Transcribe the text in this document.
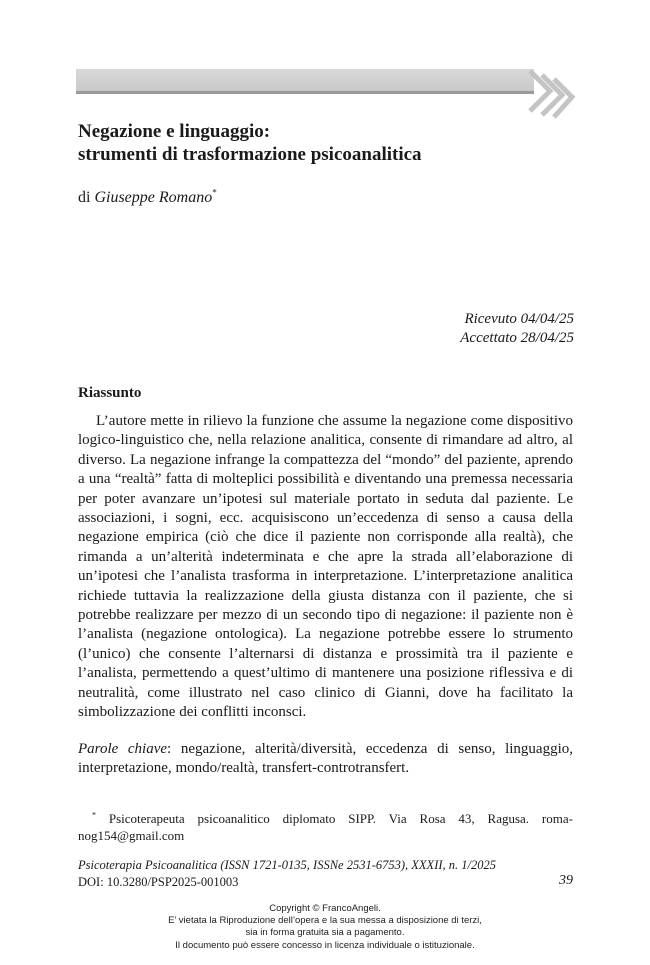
Negazione e linguaggio:
strumenti di trasformazione psicoanalitica
di Giuseppe Romano*
Ricevuto 04/04/25
Accettato 28/04/25
Riassunto
L’autore mette in rilievo la funzione che assume la negazione come dispositivo logico-linguistico che, nella relazione analitica, consente di rimandare ad altro, al diverso. La negazione infrange la compattezza del “mondo” del paziente, aprendo a una “realtà” fatta di molteplici possibilità e diventando una premessa necessaria per poter avanzare un’ipotesi sul materiale portato in seduta dal paziente. Le associazioni, i sogni, ecc. acquisiscono un’eccedenza di senso a causa della negazione empirica (ciò che dice il paziente non corrisponde alla realtà), che rimanda a un’alterità indeterminata e che apre la strada all’elaborazione di un’ipotesi che l’analista trasforma in interpretazione. L’interpretazione analitica richiede tuttavia la realizzazione della giusta distanza con il paziente, che si potrebbe realizzare per mezzo di un secondo tipo di negazione: il paziente non è l’analista (negazione ontologica). La negazione potrebbe essere lo strumento (l’unico) che consente l’alternarsi di distanza e prossimità tra il paziente e l’analista, permettendo a quest’ultimo di mantenere una posizione riflessiva e di neutralità, come illustrato nel caso clinico di Gianni, dove ha facilitato la simbolizzazione dei conflitti inconsci.
Parole chiave: negazione, alterità/diversità, eccedenza di senso, linguaggio, interpretazione, mondo/realtà, transfert-controtransfert.
* Psicoterapeuta psicoanalitico diplomato SIPP. Via Rosa 43, Ragusa. romanog154@gmail.com
Psicoterapia Psicoanalitica (ISSN 1721-0135, ISSNe 2531-6753), XXXII, n. 1/2025
DOI: 10.3280/PSP2025-001003	39
Copyright © FrancoAngeli.
E’ vietata la Riproduzione dell’opera e la sua messa a disposizione di terzi,
sia in forma gratuita sia a pagamento.
Il documento può essere concesso in licenza individuale o istituzionale.
